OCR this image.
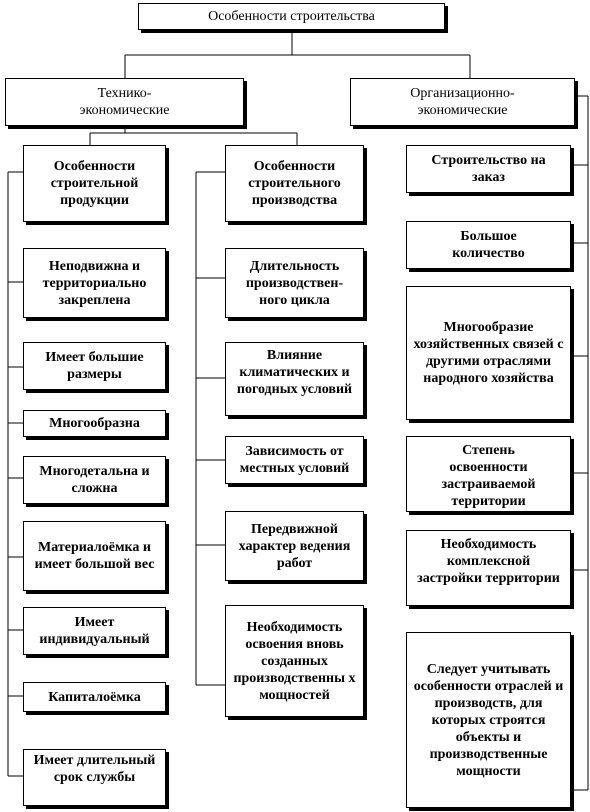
Особенности строительства
Технико-экономические
Организационно-экономические
Особенности строительной продукции
Неподвижна и территориально закреплена
Имеет большие размеры
Многообразна
Многодетальна и сложна
Материалоёмка и имеет большой вес
Имеет индивидуальный
Капиталоёмка
Имеет длительный срок службы
Особенности строительного производства
Длительность производствен-ного цикла
Влияние климатических и погодных условий
Зависимость от местных условий
Передвижной характер ведения работ
Необходимость освоения вновь созданных производственны х мощностей
Строительство на заказ
Большое количество
Многообразие хозяйственных связей с другими отраслями народного хозяйства
Степень освоенности застраиваемой территории
Необходимость комплексной застройки территории
Следует учитывать особенности отраслей и производств, для которых строятся объекты и производственные мощности
